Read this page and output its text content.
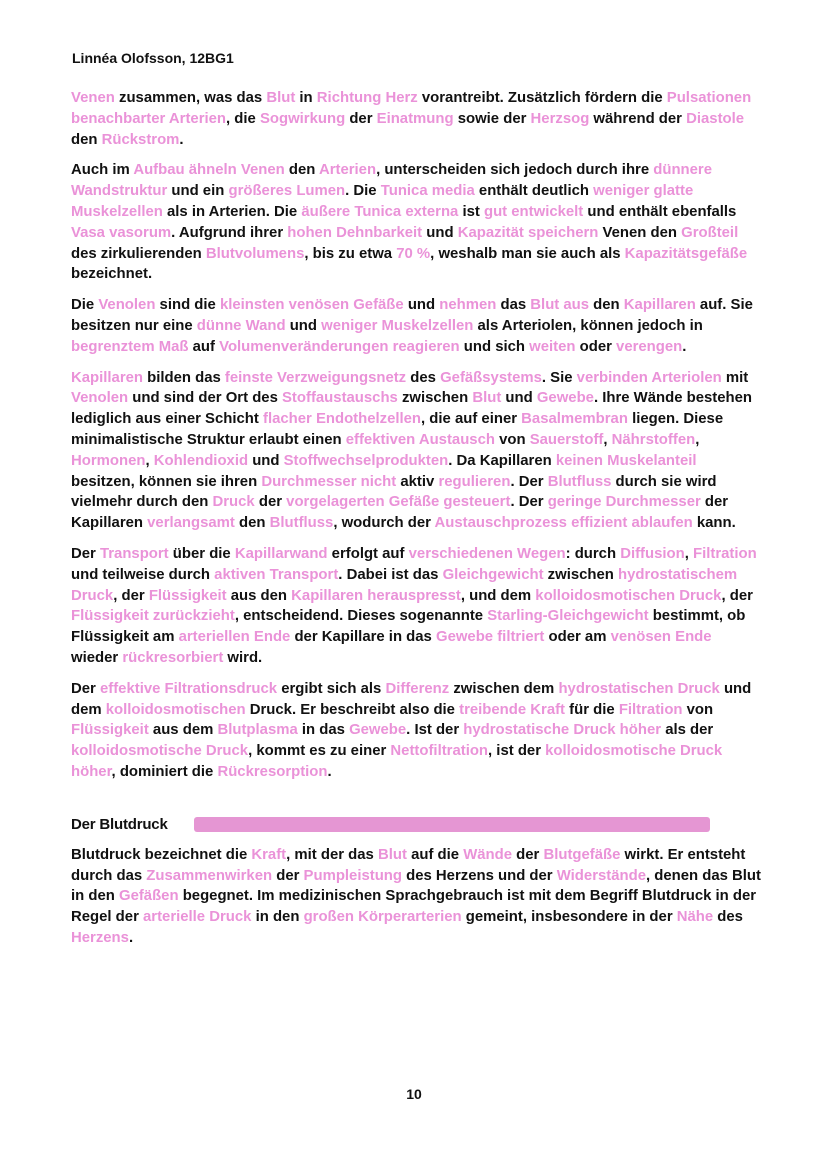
Linnéa Olofsson, 12BG1

Venen zusammen, was das Blut in Richtung Herz vorantreibt. Zusätzlich fördern die Pulsationen benachbarter Arterien, die Sogwirkung der Einatmung sowie der Herzsog während der Diastole den Rückstrom.

Auch im Aufbau ähneln Venen den Arterien, unterscheiden sich jedoch durch ihre dünnere Wandstruktur und ein größeres Lumen. Die Tunica media enthält deutlich weniger glatte Muskelzellen als in Arterien. Die äußere Tunica externa ist gut entwickelt und enthält ebenfalls Vasa vasorum. Aufgrund ihrer hohen Dehnbarkeit und Kapazität speichern Venen den Großteil des zirkulierenden Blutvolumens, bis zu etwa 70 %, weshalb man sie auch als Kapazitätsgefäße bezeichnet.

Die Venolen sind die kleinsten venösen Gefäße und nehmen das Blut aus den Kapillaren auf. Sie besitzen nur eine dünne Wand und weniger Muskelzellen als Arteriolen, können jedoch in begrenztem Maß auf Volumenveränderungen reagieren und sich weiten oder verengen.

Kapillaren bilden das feinste Verzweigungsnetz des Gefäßsystems. Sie verbinden Arteriolen mit Venolen und sind der Ort des Stoffaustauschs zwischen Blut und Gewebe. Ihre Wände bestehen lediglich aus einer Schicht flacher Endothelzellen, die auf einer Basalmembran liegen. Diese minimalistische Struktur erlaubt einen effektiven Austausch von Sauerstoff, Nährstoffen, Hormonen, Kohlendioxid und Stoffwechselprodukten. Da Kapillaren keinen Muskelanteil besitzen, können sie ihren Durchmesser nicht aktiv regulieren. Der Blutfluss durch sie wird vielmehr durch den Druck der vorgelagerten Gefäße gesteuert. Der geringe Durchmesser der Kapillaren verlangsamt den Blutfluss, wodurch der Austauschprozess effizient ablaufen kann.

Der Transport über die Kapillarwand erfolgt auf verschiedenen Wegen: durch Diffusion, Filtration und teilweise durch aktiven Transport. Dabei ist das Gleichgewicht zwischen hydrostatischem Druck, der Flüssigkeit aus den Kapillaren herauspresst, und dem kolloidosmotischen Druck, der Flüssigkeit zurückzieht, entscheidend. Dieses sogenannte Starling-Gleichgewicht bestimmt, ob Flüssigkeit am arteriellen Ende der Kapillare in das Gewebe filtriert oder am venösen Ende wieder rückresorbiert wird.

Der effektive Filtrationsdruck ergibt sich als Differenz zwischen dem hydrostatischen Druck und dem kolloidosmotischen Druck. Er beschreibt also die treibende Kraft für die Filtration von Flüssigkeit aus dem Blutplasma in das Gewebe. Ist der hydrostatische Druck höher als der kolloidosmotische Druck, kommt es zu einer Nettofiltration, ist der kolloidosmotische Druck höher, dominiert die Rückresorption.

Der Blutdruck

Blutdruck bezeichnet die Kraft, mit der das Blut auf die Wände der Blutgefäße wirkt. Er entsteht durch das Zusammenwirken der Pumpleistung des Herzens und der Widerstände, denen das Blut in den Gefäßen begegnet. Im medizinischen Sprachgebrauch ist mit dem Begriff Blutdruck in der Regel der arterielle Druck in den großen Körperarterien gemeint, insbesondere in der Nähe des Herzens.

10
